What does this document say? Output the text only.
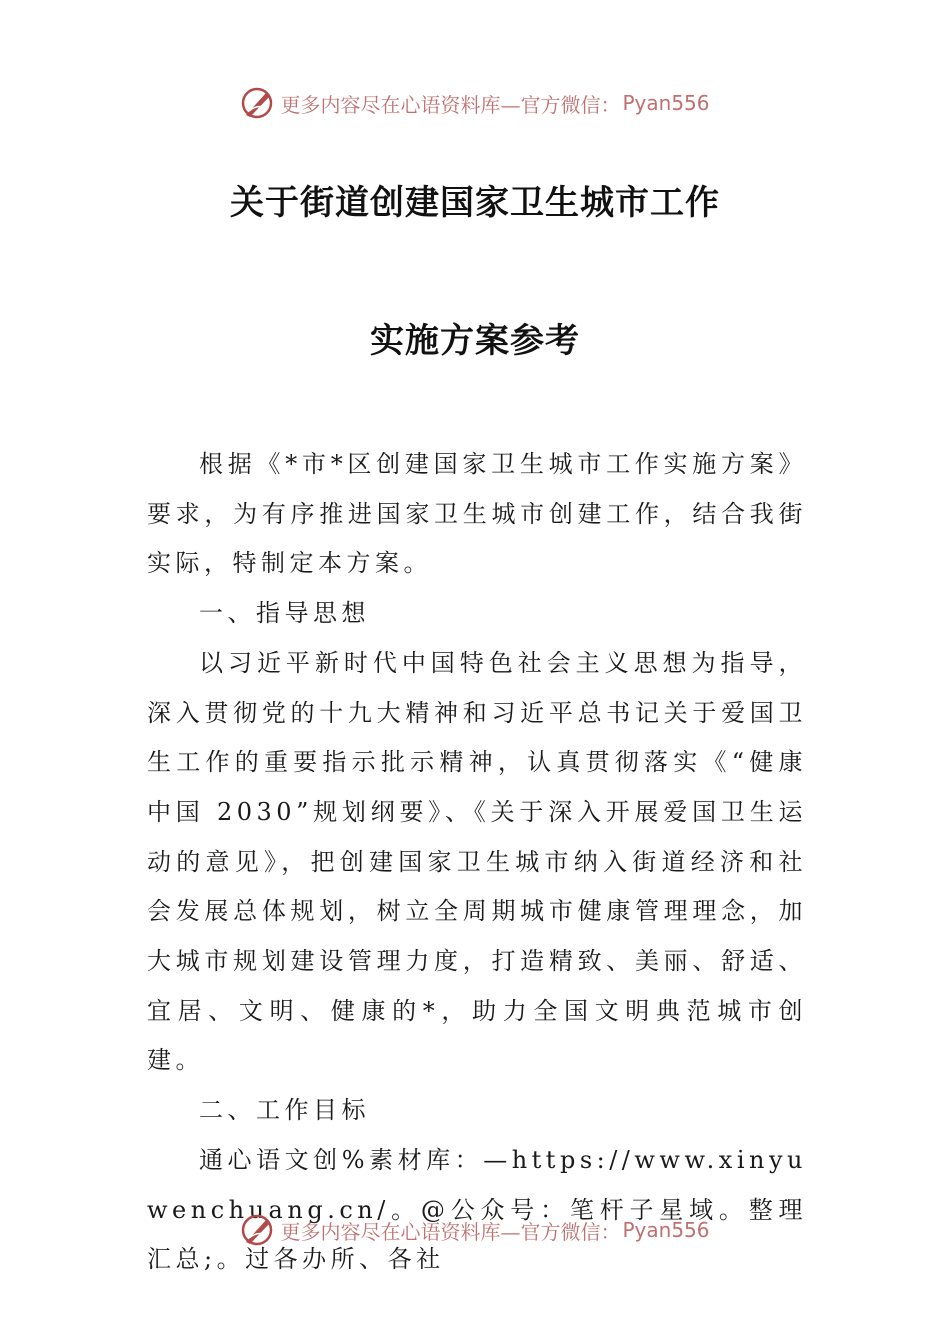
更多内容尽在心语资料库—官方微信： Pyan556
关于街道创建国家卫生城市工作
实施方案参考

根据《*市*区创建国家卫生城市工作实施方案》要求，为有序推进国家卫生城市创建工作，结合我街实际，特制定本方案。

一、指导思想

以习近平新时代中国特色社会主义思想为指导，深入贯彻党的十九大精神和习近平总书记关于爱国卫生工作的重要指示批示精神，认真贯彻落实《“健康中国 2030”规划纲要》、《关于深入开展爱国卫生运动的意见》，把创建国家卫生城市纳入街道经济和社会发展总体规划，树立全周期城市健康管理理念，加大城市规划建设管理力度，打造精致、美丽、舒适、宜居、文明、健康的*，助力全国文明典范城市创建。

二、工作目标

通心语文创%素材库：—https://www.xinyuwenchuang.cn/。@公众号：笔杆子星域。整理汇总;。过各办所、各社

更多内容尽在心语资料库—官方微信： Pyan556
